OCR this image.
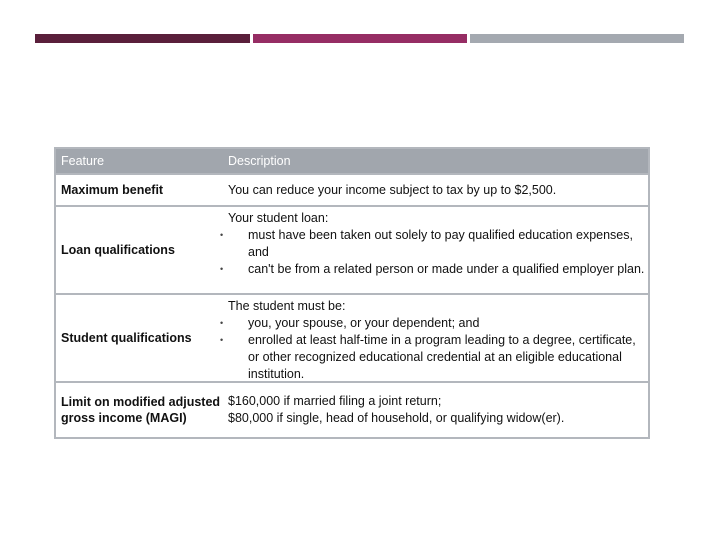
Feature	Description
Maximum benefit	You can reduce your income subject to tax by up to $2,500.
Loan qualifications
Your student loan:
• must have been taken out solely to pay qualified education expenses, and
• can't be from a related person or made under a qualified employer plan.
Student qualifications
The student must be:
• you, your spouse, or your dependent; and
• enrolled at least half-time in a program leading to a degree, certificate, or other recognized educational credential at an eligible educational institution.
Limit on modified adjusted gross income (MAGI)
$160,000 if married filing a joint return;
$80,000 if single, head of household, or qualifying widow(er).
